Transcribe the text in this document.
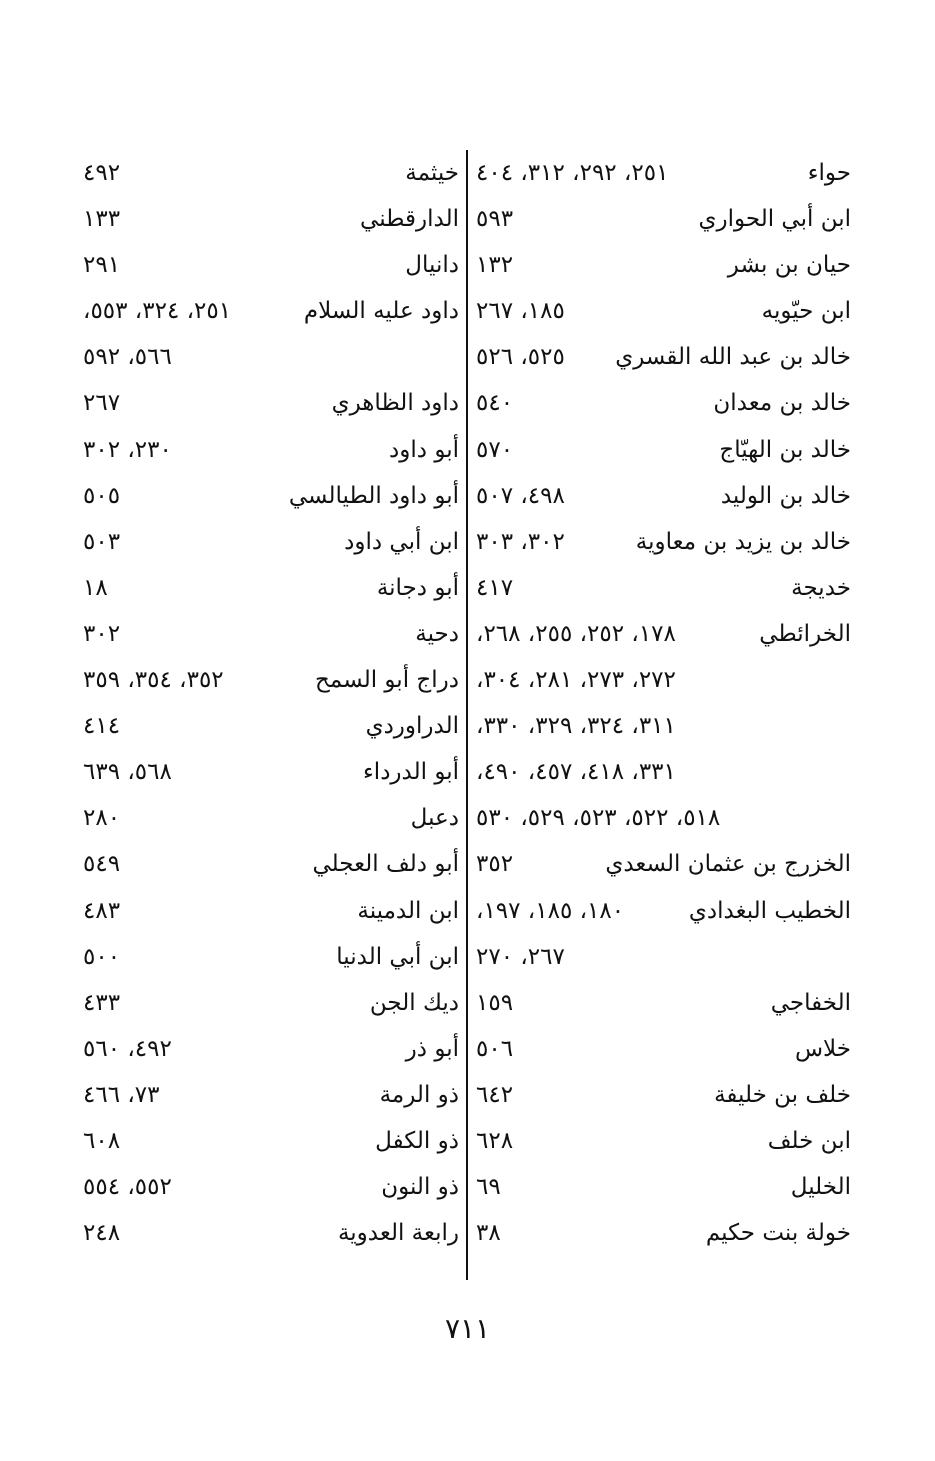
حواء
٢٥١، ٢٩٢، ٣١٢، ٤٠٤
ابن أبي الحواري
٥٩٣
حيان بن بشر
١٣٢
ابن حيّويه
١٨٥، ٢٦٧
خالد بن عبد الله القسري
٥٢٥، ٥٢٦
خالد بن معدان
٥٤٠
خالد بن الهيّاج
٥٧٠
خالد بن الوليد
٤٩٨، ٥٠٧
خالد بن يزيد بن معاوية
٣٠٢، ٣٠٣
خديجة
٤١٧
الخرائطي
١٧٨، ٢٥٢، ٢٥٥، ٢٦٨،
٢٧٢، ٢٧٣، ٢٨١، ٣٠٤،
٣١١، ٣٢٤، ٣٢٩، ٣٣٠،
٣٣١، ٤١٨، ٤٥٧، ٤٩٠،
٥١٨، ٥٢٢، ٥٢٣، ٥٢٩، ٥٣٠
الخزرج بن عثمان السعدي
٣٥٢
الخطيب البغدادي
١٨٠، ١٨٥، ١٩٧،
٢٦٧، ٢٧٠
الخفاجي
١٥٩
خلاس
٥٠٦
خلف بن خليفة
٦٤٢
ابن خلف
٦٢٨
الخليل
٦٩
خولة بنت حكيم
٣٨
خيثمة
٤٩٢
الدارقطني
١٣٣
دانيال
٢٩١
داود عليه السلام
٢٥١، ٣٢٤، ٥٥٣،
٥٦٦، ٥٩٢
داود الظاهري
٢٦٧
أبو داود
٢٣٠، ٣٠٢
أبو داود الطيالسي
٥٠٥
ابن أبي داود
٥٠٣
أبو دجانة
١٨
دحية
٣٠٢
دراج أبو السمح
٣٥٢، ٣٥٤، ٣٥٩
الدراوردي
٤١٤
أبو الدرداء
٥٦٨، ٦٣٩
دعبل
٢٨٠
أبو دلف العجلي
٥٤٩
ابن الدمينة
٤٨٣
ابن أبي الدنيا
٥٠٠
ديك الجن
٤٣٣
أبو ذر
٤٩٢، ٥٦٠
ذو الرمة
٧٣، ٤٦٦
ذو الكفل
٦٠٨
ذو النون
٥٥٢، ٥٥٤
رابعة العدوية
٢٤٨
٧١١
